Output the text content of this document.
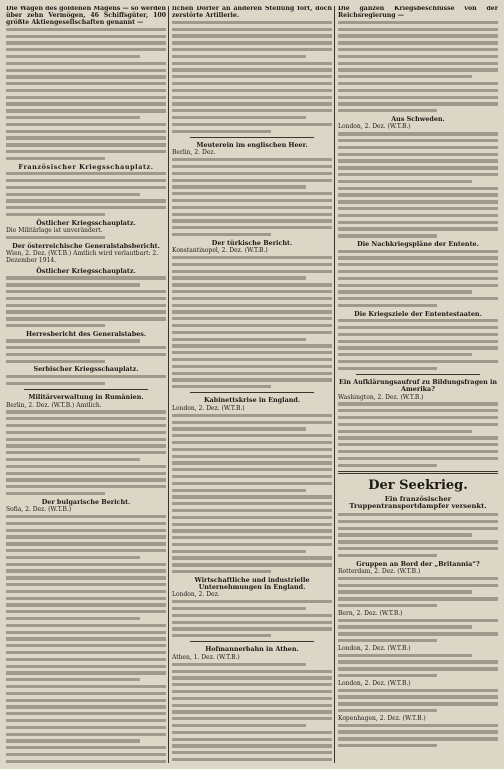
Die Wagen des goldenen Magens — so werden über zehn Vermögen, 46 Schiffsgüter, 100 größte Aktiengesellschaften genannt —

Französischer Kriegsschauplatz.
Östlicher Kriegsschauplatz.
Die Militärlage ist unverändert.
Der österreichische Generalstabsbericht.
Wien, 2. Dez. (W.T.B.) Amtlich wird verlautbart: 2. Dezember 1914.
Östlicher Kriegsschauplatz.
Herresbericht des Generalstabes.
Serbischer Kriegsschauplatz.
Militärverwaltung in Rumänien.
Berlin, 2. Dez. (W.T.B.) Amtlich.
Der bulgarische Bericht.
Sofia, 2. Dez. (W.T.B.)

lichen Dörfer an anderen Stellung fort, doch zerstörte Artillerie.

Meuterein im englischen Heer.
Berlin, 2. Dez.
Der türkische Bericht.
Konstantinopel, 2. Dez. (W.T.B.)
Kabinettskrise in England.
London, 2. Dez. (W.T.B.)
Wirtschaftliche und industrielle Unternehmungen in England.
London, 2. Dez.
Hofmannerbahn in Athen.
Athen, 1. Dez. (W.T.B.)

Die ganzen Kriegsbeschlüsse von der Reichsregierung —

Aus Schweden.
London, 2. Dez. (W.T.B.)
Die Nachkriegspläne der Entente.
Die Kriegsziele der Ententestaaten.
Ein Aufklärungsaufruf zu Bildungsfragen in Amerika?
Washington, 2. Dez. (W.T.B.)
Der Seekrieg.
Ein französischer Truppentransportdampfer versenkt.
Gruppen an Bord der „Britannia“?
Rotterdam, 2. Dez. (W.T.B.)
Bern, 2. Dez. (W.T.B.)
London, 2. Dez. (W.T.B.)
London, 2. Dez. (W.T.B.)
Kopenhagen, 2. Dez. (W.T.B.)
